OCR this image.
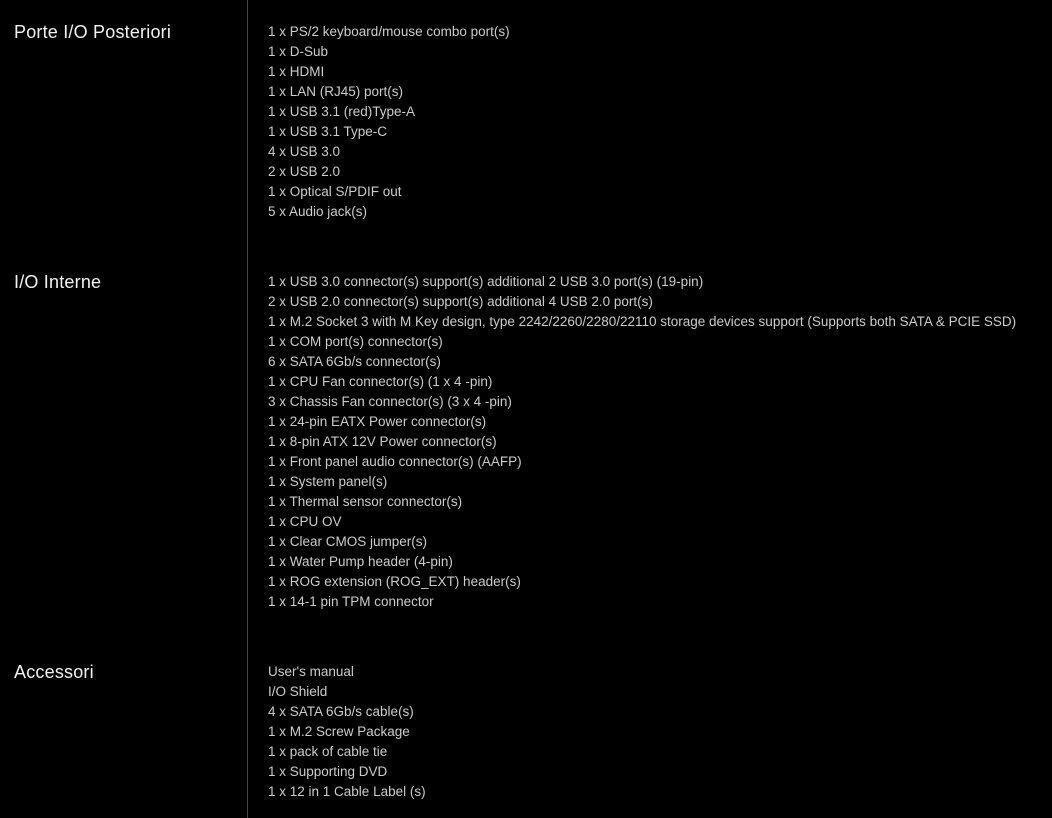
Porte I/O Posteriori	1 x PS/2 keyboard/mouse combo port(s)
1 x D-Sub
1 x HDMI
1 x LAN (RJ45) port(s)
1 x USB 3.1 (red)Type-A
1 x USB 3.1 Type-C
4 x USB 3.0
2 x USB 2.0
1 x Optical S/PDIF out
5 x Audio jack(s)
I/O Interne	1 x USB 3.0 connector(s) support(s) additional 2 USB 3.0 port(s) (19-pin)
2 x USB 2.0 connector(s) support(s) additional 4 USB 2.0 port(s)
1 x M.2 Socket 3 with M Key design, type 2242/2260/2280/22110 storage devices support (Supports both SATA & PCIE SSD)
1 x COM port(s) connector(s)
6 x SATA 6Gb/s connector(s)
1 x CPU Fan connector(s) (1 x 4 -pin)
3 x Chassis Fan connector(s) (3 x 4 -pin)
1 x 24-pin EATX Power connector(s)
1 x 8-pin ATX 12V Power connector(s)
1 x Front panel audio connector(s) (AAFP)
1 x System panel(s)
1 x Thermal sensor connector(s)
1 x CPU OV
1 x Clear CMOS jumper(s)
1 x Water Pump header (4-pin)
1 x ROG extension (ROG_EXT) header(s)
1 x 14-1 pin TPM connector
Accessori	User's manual
I/O Shield
4 x SATA 6Gb/s cable(s)
1 x M.2 Screw Package
1 x pack of cable tie
1 x Supporting DVD
1 x 12 in 1 Cable Label (s)
